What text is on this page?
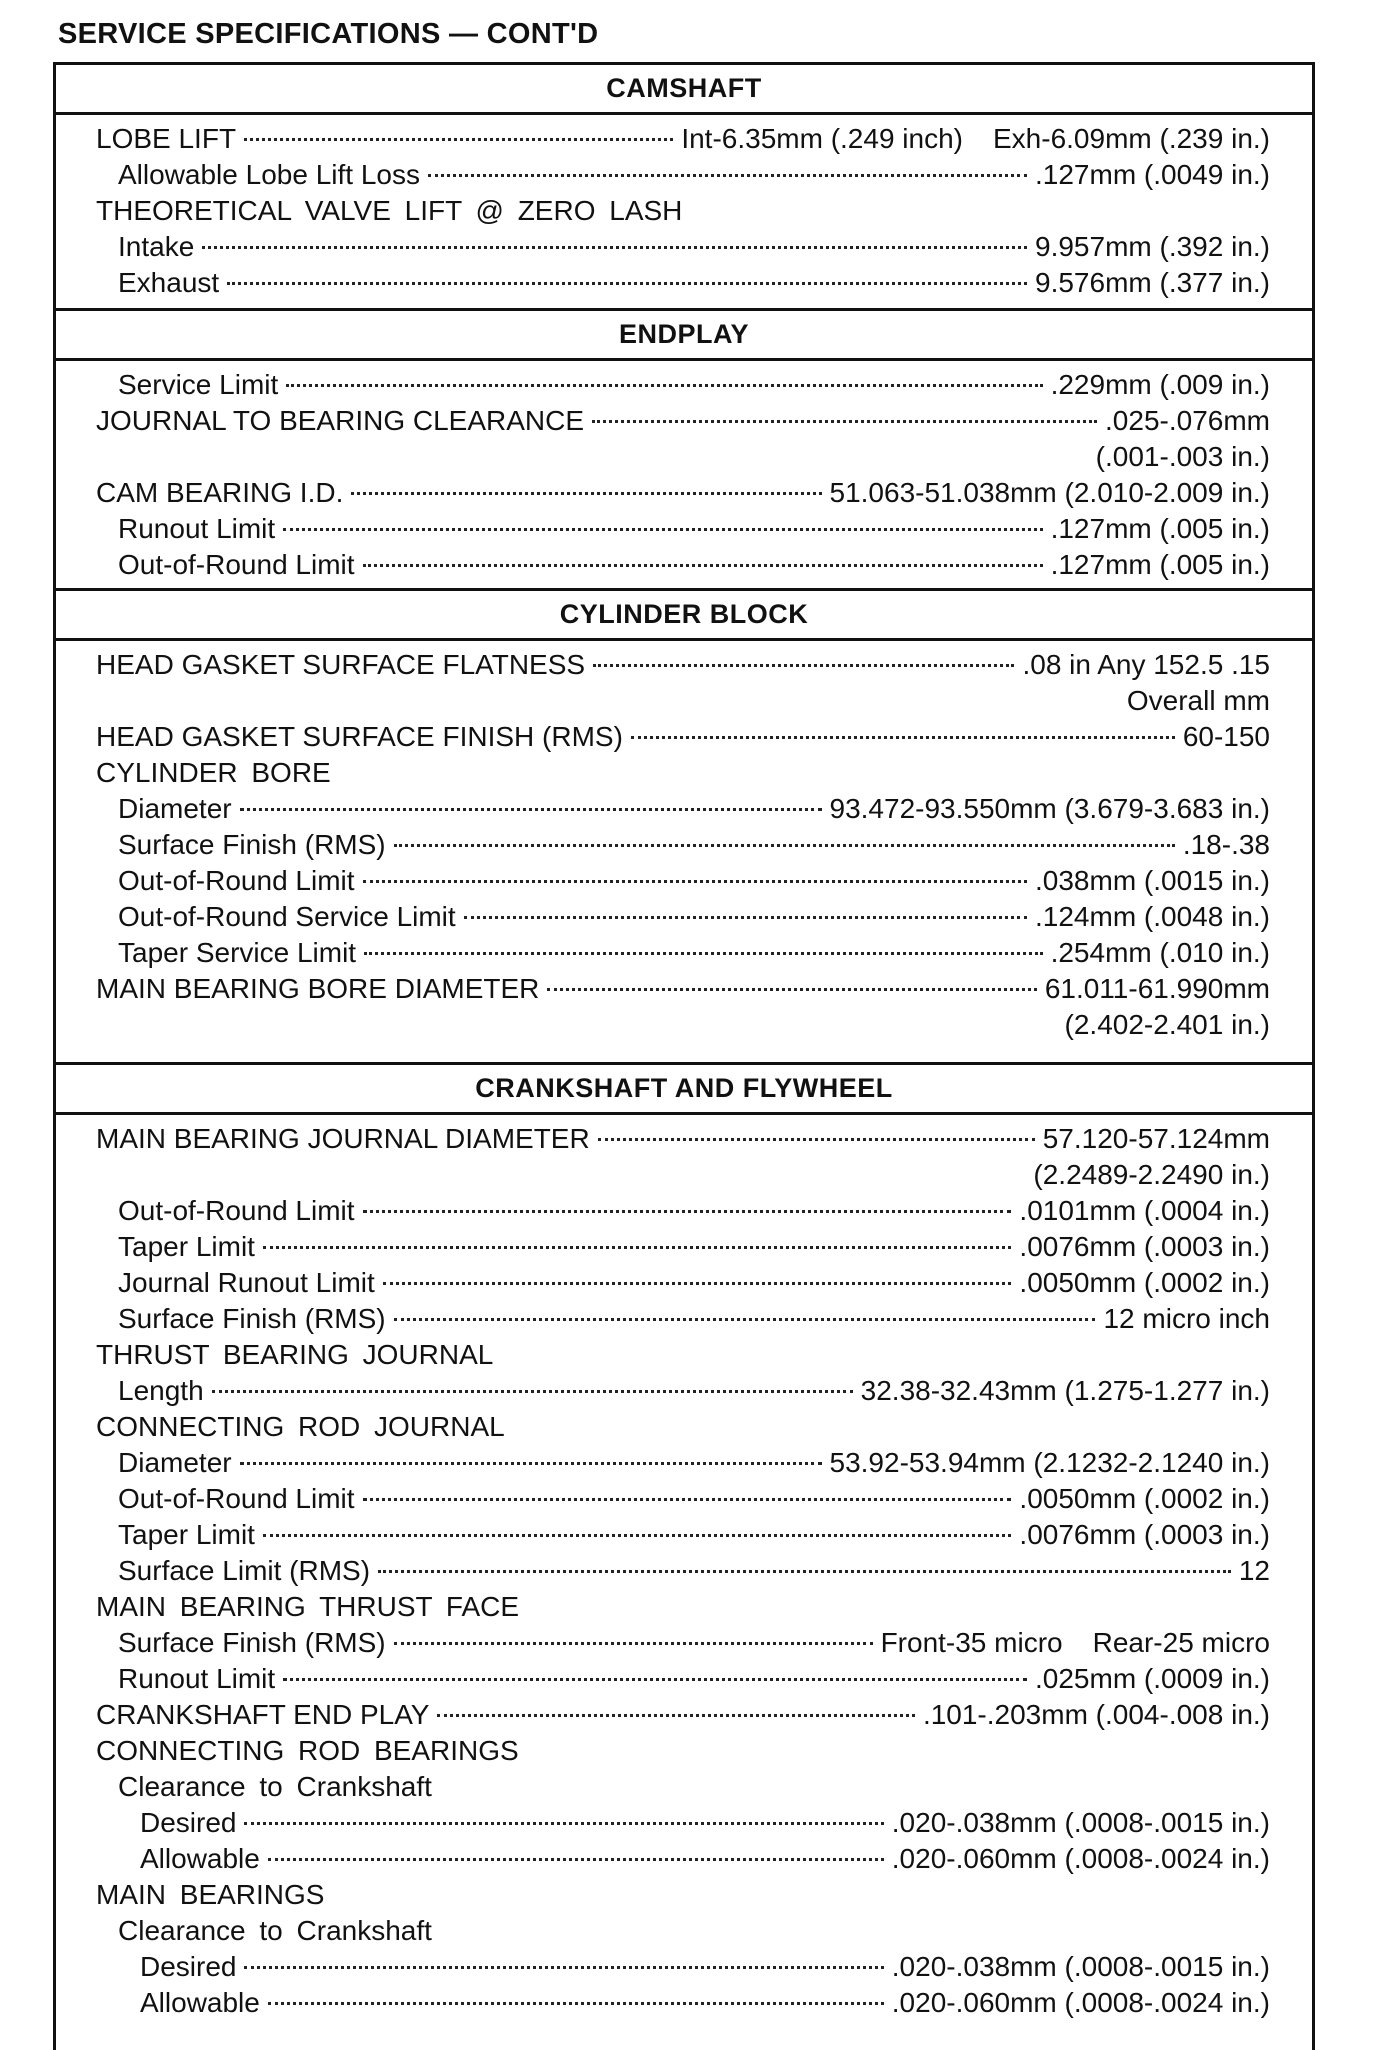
SERVICE SPECIFICATIONS — CONT'D
CAMSHAFT
LOBE LIFT	Int-6.35mm (.249 inch) Exh-6.09mm (.239 in.)
Allowable Lobe Lift Loss	.127mm (.0049 in.)
THEORETICAL VALVE LIFT @ ZERO LASH
Intake	9.957mm (.392 in.)
Exhaust	9.576mm (.377 in.)
ENDPLAY
Service Limit	.229mm (.009 in.)
JOURNAL TO BEARING CLEARANCE	.025-.076mm
(.001-.003 in.)
CAM BEARING I.D.	51.063-51.038mm (2.010-2.009 in.)
Runout Limit	.127mm (.005 in.)
Out-of-Round Limit	.127mm (.005 in.)
CYLINDER BLOCK
HEAD GASKET SURFACE FLATNESS	.08 in Any 152.5 .15
Overall mm
HEAD GASKET SURFACE FINISH (RMS)	60-150
CYLINDER BORE
Diameter	93.472-93.550mm (3.679-3.683 in.)
Surface Finish (RMS)	.18-.38
Out-of-Round Limit	.038mm (.0015 in.)
Out-of-Round Service Limit	.124mm (.0048 in.)
Taper Service Limit	.254mm (.010 in.)
MAIN BEARING BORE DIAMETER	61.011-61.990mm
(2.402-2.401 in.)
CRANKSHAFT AND FLYWHEEL
MAIN BEARING JOURNAL DIAMETER	57.120-57.124mm
(2.2489-2.2490 in.)
Out-of-Round Limit	.0101mm (.0004 in.)
Taper Limit	.0076mm (.0003 in.)
Journal Runout Limit	.0050mm (.0002 in.)
Surface Finish (RMS)	12 micro inch
THRUST BEARING JOURNAL
Length	32.38-32.43mm (1.275-1.277 in.)
CONNECTING ROD JOURNAL
Diameter	53.92-53.94mm (2.1232-2.1240 in.)
Out-of-Round Limit	.0050mm (.0002 in.)
Taper Limit	.0076mm (.0003 in.)
Surface Limit (RMS)	12
MAIN BEARING THRUST FACE
Surface Finish (RMS)	Front-35 micro Rear-25 micro
Runout Limit	.025mm (.0009 in.)
CRANKSHAFT END PLAY	.101-.203mm (.004-.008 in.)
CONNECTING ROD BEARINGS
Clearance to Crankshaft
Desired	.020-.038mm (.0008-.0015 in.)
Allowable	.020-.060mm (.0008-.0024 in.)
MAIN BEARINGS
Clearance to Crankshaft
Desired	.020-.038mm (.0008-.0015 in.)
Allowable	.020-.060mm (.0008-.0024 in.)
